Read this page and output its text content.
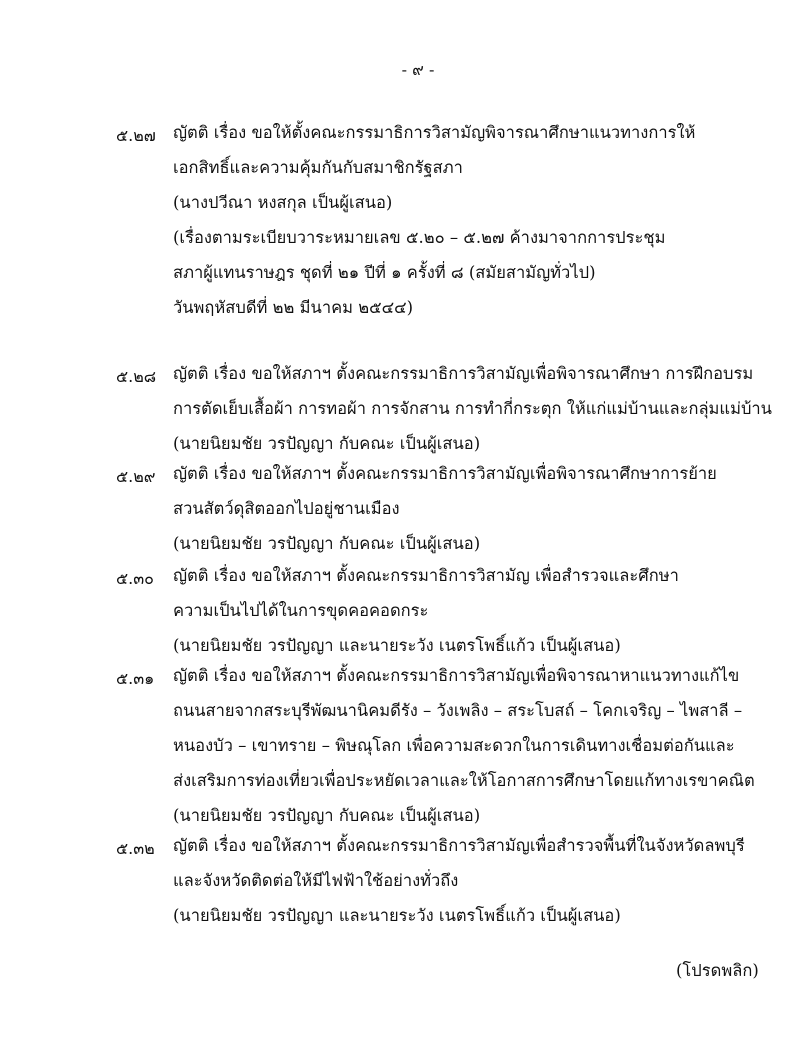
- ๙ -
๕.๒๗ ญัตติ เรื่อง ขอให้ตั้งคณะกรรมาธิการวิสามัญพิจารณาศึกษาแนวทางการให้
เอกสิทธิ์และความคุ้มกันกับสมาชิกรัฐสภา
(นางปวีณา หงสกุล เป็นผู้เสนอ)
(เรื่องตามระเบียบวาระหมายเลข ๕.๒๐ – ๕.๒๗ ค้างมาจากการประชุม
สภาผู้แทนราษฎร ชุดที่ ๒๑ ปีที่ ๑ ครั้งที่ ๘ (สมัยสามัญทั่วไป)
วันพฤหัสบดีที่ ๒๒ มีนาคม ๒๕๔๔)
๕.๒๘ ญัตติ เรื่อง ขอให้สภาฯ ตั้งคณะกรรมาธิการวิสามัญเพื่อพิจารณาศึกษา การฝึกอบรม
การตัดเย็บเสื้อผ้า การทอผ้า การจักสาน การทำกี่กระตุก ให้แก่แม่บ้านและกลุ่มแม่บ้าน
(นายนิยมชัย วรปัญญา กับคณะ เป็นผู้เสนอ)
๕.๒๙ ญัตติ เรื่อง ขอให้สภาฯ ตั้งคณะกรรมาธิการวิสามัญเพื่อพิจารณาศึกษาการย้าย
สวนสัตว์ดุสิตออกไปอยู่ชานเมือง
(นายนิยมชัย วรปัญญา กับคณะ เป็นผู้เสนอ)
๕.๓๐ ญัตติ เรื่อง ขอให้สภาฯ ตั้งคณะกรรมาธิการวิสามัญ เพื่อสำรวจและศึกษา
ความเป็นไปได้ในการขุดคอคอดกระ
(นายนิยมชัย วรปัญญา และนายระวัง เนตรโพธิ์แก้ว เป็นผู้เสนอ)
๕.๓๑ ญัตติ เรื่อง ขอให้สภาฯ ตั้งคณะกรรมาธิการวิสามัญเพื่อพิจารณาหาแนวทางแก้ไข
ถนนสายจากสระบุรีพัฒนานิคมดีรัง – วังเพลิง – สระโบสถ์ – โคกเจริญ – ไพสาลี –
หนองบัว – เขาทราย – พิษณุโลก เพื่อความสะดวกในการเดินทางเชื่อมต่อกันและ
ส่งเสริมการท่องเที่ยวเพื่อประหยัดเวลาและให้โอกาสการศึกษาโดยแก้ทางเรขาคณิต
(นายนิยมชัย วรปัญญา กับคณะ เป็นผู้เสนอ)
๕.๓๒ ญัตติ เรื่อง ขอให้สภาฯ ตั้งคณะกรรมาธิการวิสามัญเพื่อสำรวจพื้นที่ในจังหวัดลพบุรี
และจังหวัดติดต่อให้มีไฟฟ้าใช้อย่างทั่วถึง
(นายนิยมชัย วรปัญญา และนายระวัง เนตรโพธิ์แก้ว เป็นผู้เสนอ)
(โปรดพลิก)
